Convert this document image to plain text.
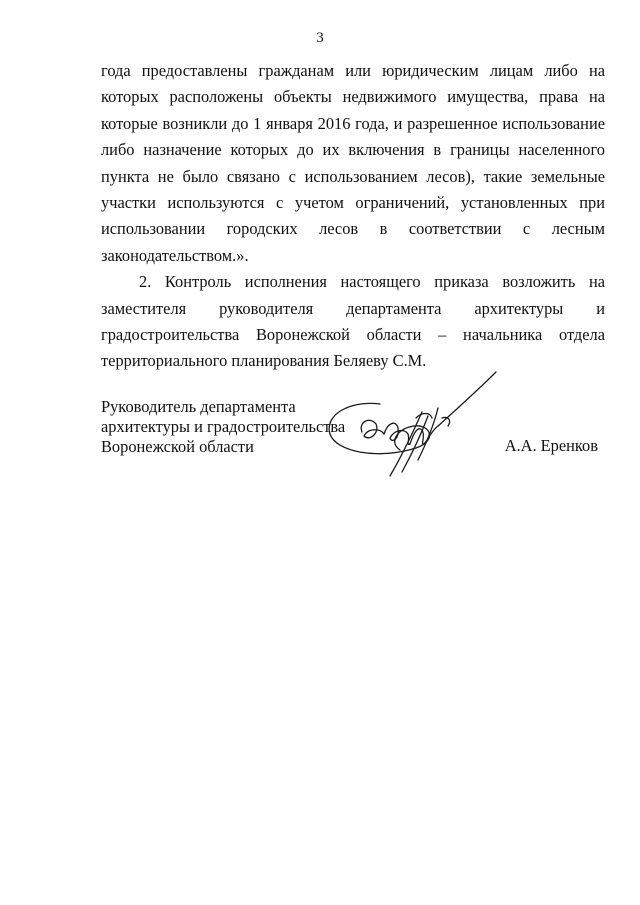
3

года предоставлены гражданам или юридическим лицам либо на которых расположены объекты недвижимого имущества, права на которые возникли до 1 января 2016 года, и разрешенное использование либо назначение которых до их включения в границы населенного пункта не было связано с использованием лесов), такие земельные участки используются с учетом ограничений, установленных при использовании городских лесов в соответствии с лесным законодательством.».

2. Контроль исполнения настоящего приказа возложить на заместителя руководителя департамента архитектуры и градостроительства Воронежской области – начальника отдела территориального планирования Беляеву С.М.

Руководитель департамента
архитектуры и градостроительства
Воронежской области	А.А. Еренков
